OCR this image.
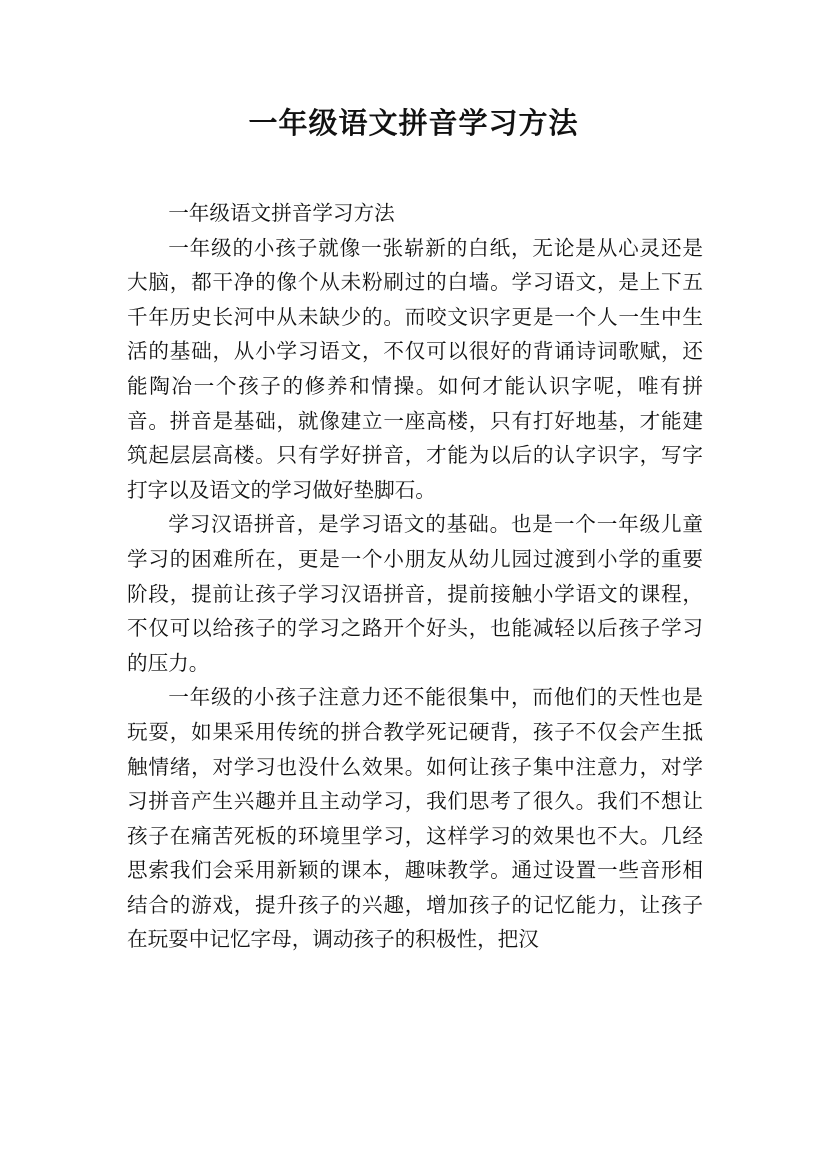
一年级语文拼音学习方法

一年级语文拼音学习方法

一年级的小孩子就像一张崭新的白纸，无论是从心灵还是大脑，都干净的像个从未粉刷过的白墙。学习语文，是上下五千年历史长河中从未缺少的。而咬文识字更是一个人一生中生活的基础，从小学习语文，不仅可以很好的背诵诗词歌赋，还能陶冶一个孩子的修养和情操。如何才能认识字呢，唯有拼音。拼音是基础，就像建立一座高楼，只有打好地基，才能建筑起层层高楼。只有学好拼音，才能为以后的认字识字，写字打字以及语文的学习做好垫脚石。

学习汉语拼音，是学习语文的基础。也是一个一年级儿童学习的困难所在，更是一个小朋友从幼儿园过渡到小学的重要阶段，提前让孩子学习汉语拼音，提前接触小学语文的课程，不仅可以给孩子的学习之路开个好头，也能减轻以后孩子学习的压力。

一年级的小孩子注意力还不能很集中，而他们的天性也是玩耍，如果采用传统的拼合教学死记硬背，孩子不仅会产生抵触情绪，对学习也没什么效果。如何让孩子集中注意力，对学习拼音产生兴趣并且主动学习，我们思考了很久。我们不想让孩子在痛苦死板的环境里学习，这样学习的效果也不大。几经思索我们会采用新颖的课本，趣味教学。通过设置一些音形相结合的游戏，提升孩子的兴趣，增加孩子的记忆能力，让孩子在玩耍中记忆字母，调动孩子的积极性，把汉
